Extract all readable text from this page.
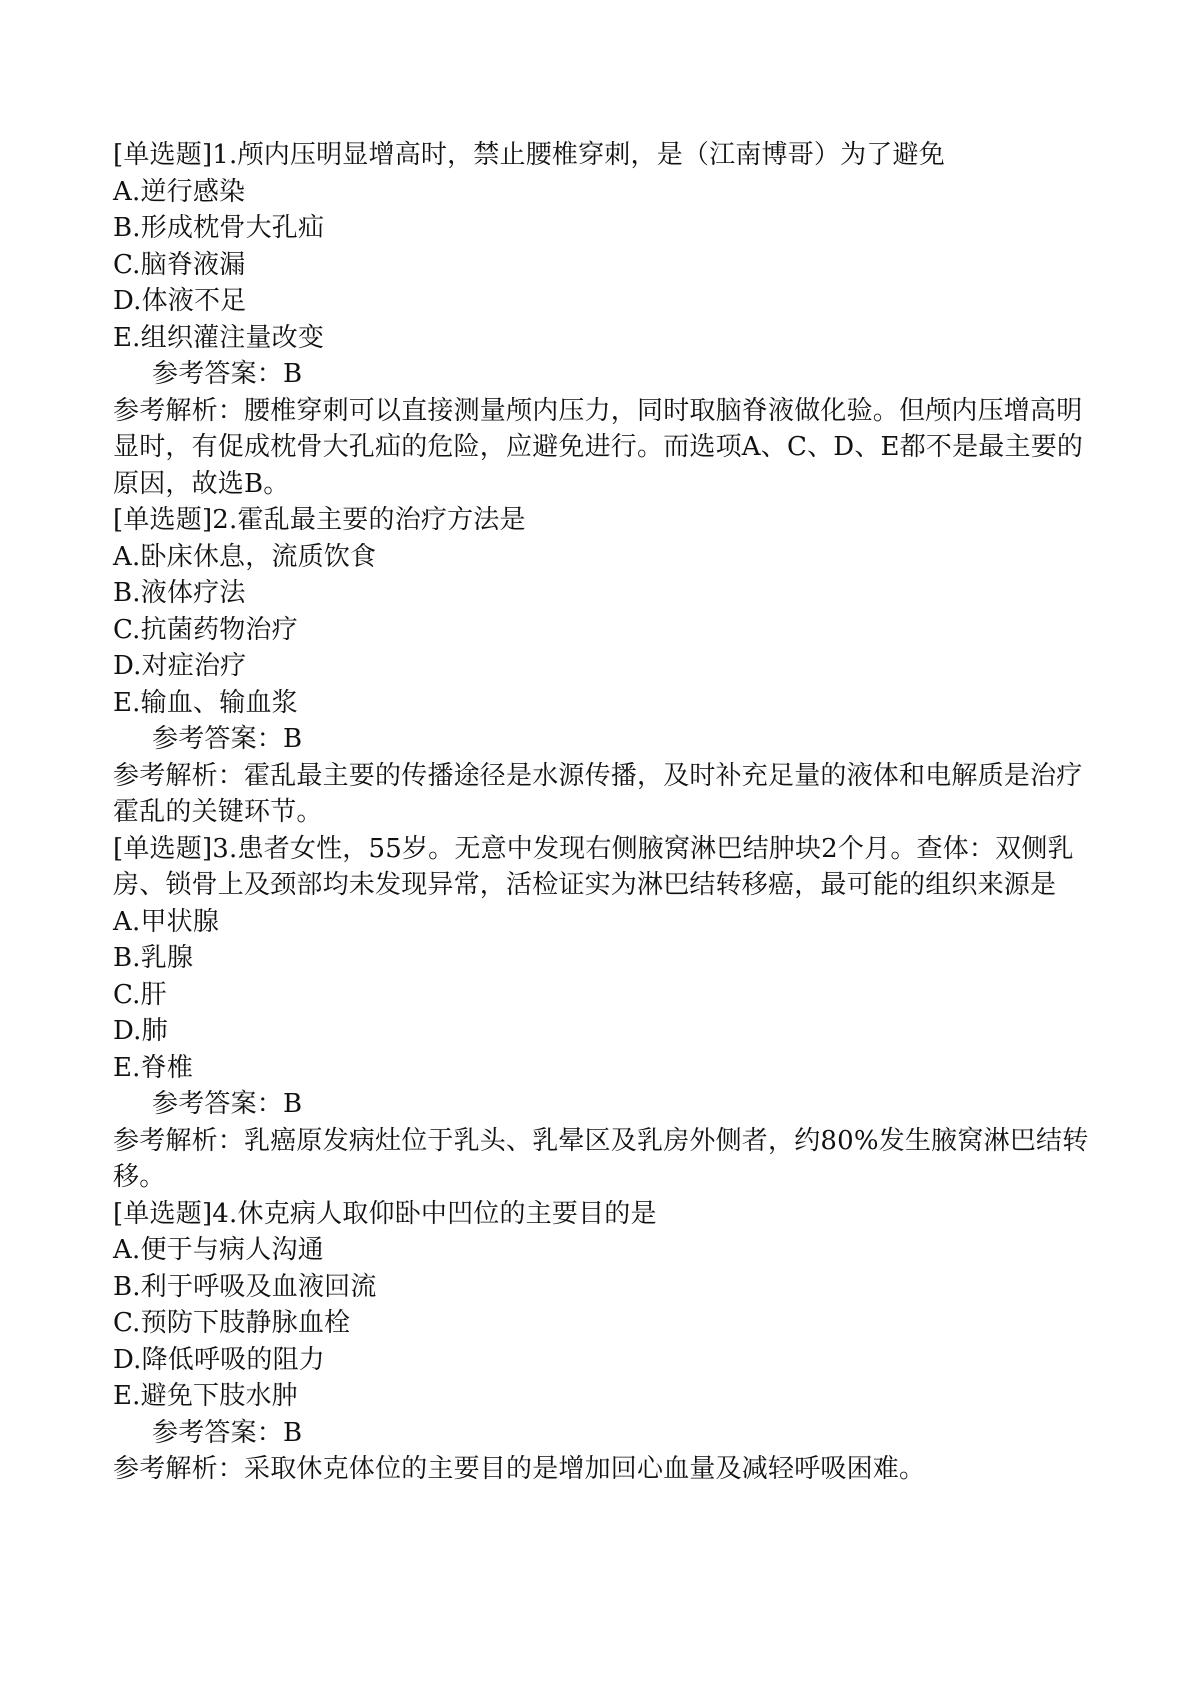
[单选题]1.颅内压明显增高时，禁止腰椎穿刺，是（江南博哥）为了避免
A.逆行感染
B.形成枕骨大孔疝
C.脑脊液漏
D.体液不足
E.组织灌注量改变
参考答案：B
参考解析：腰椎穿刺可以直接测量颅内压力，同时取脑脊液做化验。但颅内压增高明显时，有促成枕骨大孔疝的危险，应避免进行。而选项A、C、D、E都不是最主要的原因，故选B。
[单选题]2.霍乱最主要的治疗方法是
A.卧床休息，流质饮食
B.液体疗法
C.抗菌药物治疗
D.对症治疗
E.输血、输血浆
参考答案：B
参考解析：霍乱最主要的传播途径是水源传播，及时补充足量的液体和电解质是治疗霍乱的关键环节。
[单选题]3.患者女性，55岁。无意中发现右侧腋窝淋巴结肿块2个月。查体：双侧乳房、锁骨上及颈部均未发现异常，活检证实为淋巴结转移癌，最可能的组织来源是
A.甲状腺
B.乳腺
C.肝
D.肺
E.脊椎
参考答案：B
参考解析：乳癌原发病灶位于乳头、乳晕区及乳房外侧者，约80%发生腋窝淋巴结转移。
[单选题]4.休克病人取仰卧中凹位的主要目的是
A.便于与病人沟通
B.利于呼吸及血液回流
C.预防下肢静脉血栓
D.降低呼吸的阻力
E.避免下肢水肿
参考答案：B
参考解析：采取休克体位的主要目的是增加回心血量及减轻呼吸困难。
